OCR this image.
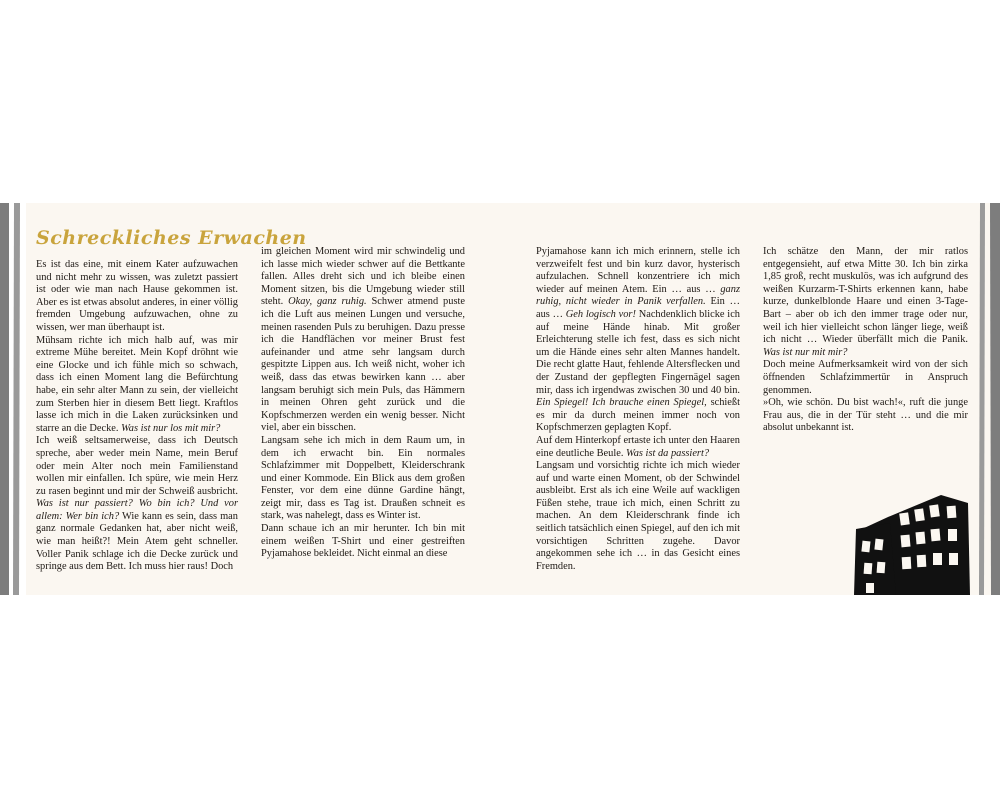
Schreckliches Erwachen

Es ist das eine, mit einem Kater aufzuwachen und nicht mehr zu wissen, was zuletzt passiert ist oder wie man nach Hause gekommen ist. Aber es ist etwas absolut anderes, in einer völlig fremden Umgebung aufzuwachen, ohne zu wissen, wer man überhaupt ist.

Mühsam richte ich mich halb auf, was mir extreme Mühe bereitet. Mein Kopf dröhnt wie eine Glocke und ich fühle mich so schwach, dass ich einen Moment lang die Befürchtung habe, ein sehr alter Mann zu sein, der vielleicht zum Sterben hier in diesem Bett liegt. Kraftlos lasse ich mich in die Laken zurücksinken und starre an die Decke. Was ist nur los mit mir?

Ich weiß seltsamerweise, dass ich Deutsch spreche, aber weder mein Name, mein Beruf oder mein Alter noch mein Familienstand wollen mir einfallen. Ich spüre, wie mein Herz zu rasen beginnt und mir der Schweiß ausbricht. Was ist nur passiert? Wo bin ich? Und vor allem: Wer bin ich? Wie kann es sein, dass man ganz normale Gedanken hat, aber nicht weiß, wie man heißt?! Mein Atem geht schneller. Voller Panik schlage ich die Decke zurück und springe aus dem Bett. Ich muss hier raus! Doch

im gleichen Moment wird mir schwindelig und ich lasse mich wieder schwer auf die Bettkante fallen. Alles dreht sich und ich bleibe einen Moment sitzen, bis die Umgebung wieder still steht. Okay, ganz ruhig. Schwer atmend puste ich die Luft aus meinen Lungen und versuche, meinen rasenden Puls zu beruhigen. Dazu presse ich die Handflächen vor meiner Brust fest aufeinander und atme sehr langsam durch gespitzte Lippen aus. Ich weiß nicht, woher ich weiß, dass das etwas bewirken kann … aber langsam beruhigt sich mein Puls, das Hämmern in meinen Ohren geht zurück und die Kopfschmerzen werden ein wenig besser. Nicht viel, aber ein bisschen.

Langsam sehe ich mich in dem Raum um, in dem ich erwacht bin. Ein normales Schlafzimmer mit Doppelbett, Kleiderschrank und einer Kommode. Ein Blick aus dem großen Fenster, vor dem eine dünne Gardine hängt, zeigt mir, dass es Tag ist. Draußen schneit es stark, was nahelegt, dass es Winter ist.

Dann schaue ich an mir herunter. Ich bin mit einem weißen T-Shirt und einer gestreiften Pyjamahose bekleidet. Nicht einmal an diese

Pyjamahose kann ich mich erinnern, stelle ich verzweifelt fest und bin kurz davor, hysterisch aufzulachen. Schnell konzentriere ich mich wieder auf meinen Atem. Ein … aus … ganz ruhig, nicht wieder in Panik verfallen. Ein … aus … Geh logisch vor! Nachdenklich blicke ich auf meine Hände hinab. Mit großer Erleichterung stelle ich fest, dass es sich nicht um die Hände eines sehr alten Mannes handelt. Die recht glatte Haut, fehlende Altersflecken und der Zustand der gepflegten Fingernägel sagen mir, dass ich irgendwas zwischen 30 und 40 bin. Ein Spiegel! Ich brauche einen Spiegel, schießt es mir da durch meinen immer noch von Kopfschmerzen geplagten Kopf.

Auf dem Hinterkopf ertaste ich unter den Haaren eine deutliche Beule. Was ist da passiert?

Langsam und vorsichtig richte ich mich wieder auf und warte einen Moment, ob der Schwindel ausbleibt. Erst als ich eine Weile auf wackligen Füßen stehe, traue ich mich, einen Schritt zu machen. An dem Kleiderschrank finde ich seitlich tatsächlich einen Spiegel, auf den ich mit vorsichtigen Schritten zugehe. Davor angekommen sehe ich … in das Gesicht eines Fremden.

Ich schätze den Mann, der mir ratlos entgegensieht, auf etwa Mitte 30. Ich bin zirka 1,85 groß, recht muskulös, was ich aufgrund des weißen Kurzarm-T-Shirts erkennen kann, habe kurze, dunkelblonde Haare und einen 3-Tage-Bart – aber ob ich den immer trage oder nur, weil ich hier vielleicht schon länger liege, weiß ich nicht … Wieder überfällt mich die Panik. Was ist nur mit mir?

Doch meine Aufmerksamkeit wird von der sich öffnenden Schlafzimmertür in Anspruch genommen.

»Oh, wie schön. Du bist wach!«, ruft die junge Frau aus, die in der Tür steht … und die mir absolut unbekannt ist.
